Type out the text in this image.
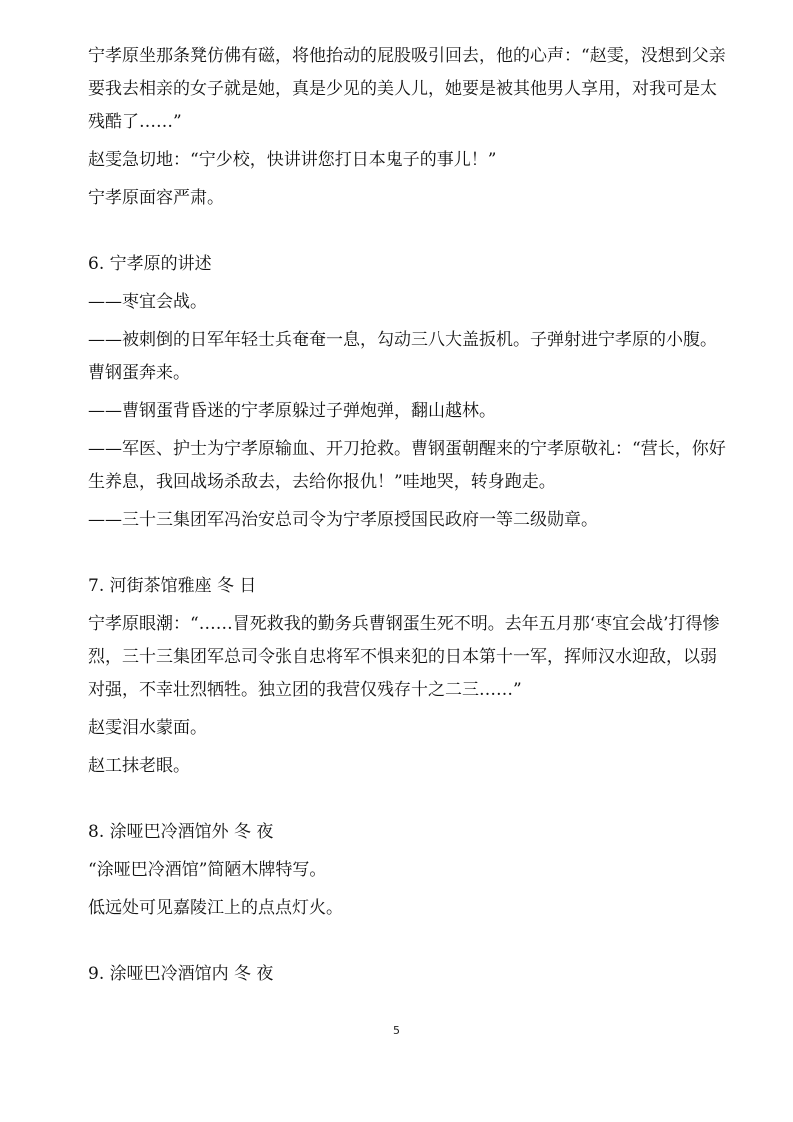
宁孝原坐那条凳仿佛有磁，将他抬动的屁股吸引回去，他的心声：“赵雯，没想到父亲要我去相亲的女子就是她，真是少见的美人儿，她要是被其他男人享用，对我可是太残酷了……”
赵雯急切地：“宁少校，快讲讲您打日本鬼子的事儿！”
宁孝原面容严肃。
6. 宁孝原的讲述
——枣宜会战。
——被刺倒的日军年轻士兵奄奄一息，勾动三八大盖扳机。子弹射进宁孝原的小腹。曹钢蛋奔来。
——曹钢蛋背昏迷的宁孝原躲过子弹炮弹，翻山越林。
——军医、护士为宁孝原输血、开刀抢救。曹钢蛋朝醒来的宁孝原敬礼：“营长，你好生养息，我回战场杀敌去，去给你报仇！”哇地哭，转身跑走。
——三十三集团军冯治安总司令为宁孝原授国民政府一等二级勋章。
7. 河街茶馆雅座 冬 日
宁孝原眼潮：“……冒死救我的勤务兵曹钢蛋生死不明。去年五月那‘枣宜会战’打得惨烈，三十三集团军总司令张自忠将军不惧来犯的日本第十一军，挥师汉水迎敌，以弱对强，不幸壮烈牺牲。独立团的我营仅残存十之二三……”
赵雯泪水蒙面。
赵工抹老眼。
8. 涂哑巴冷酒馆外 冬 夜
“涂哑巴冷酒馆”简陋木牌特写。
低远处可见嘉陵江上的点点灯火。
9. 涂哑巴冷酒馆内 冬 夜
5
